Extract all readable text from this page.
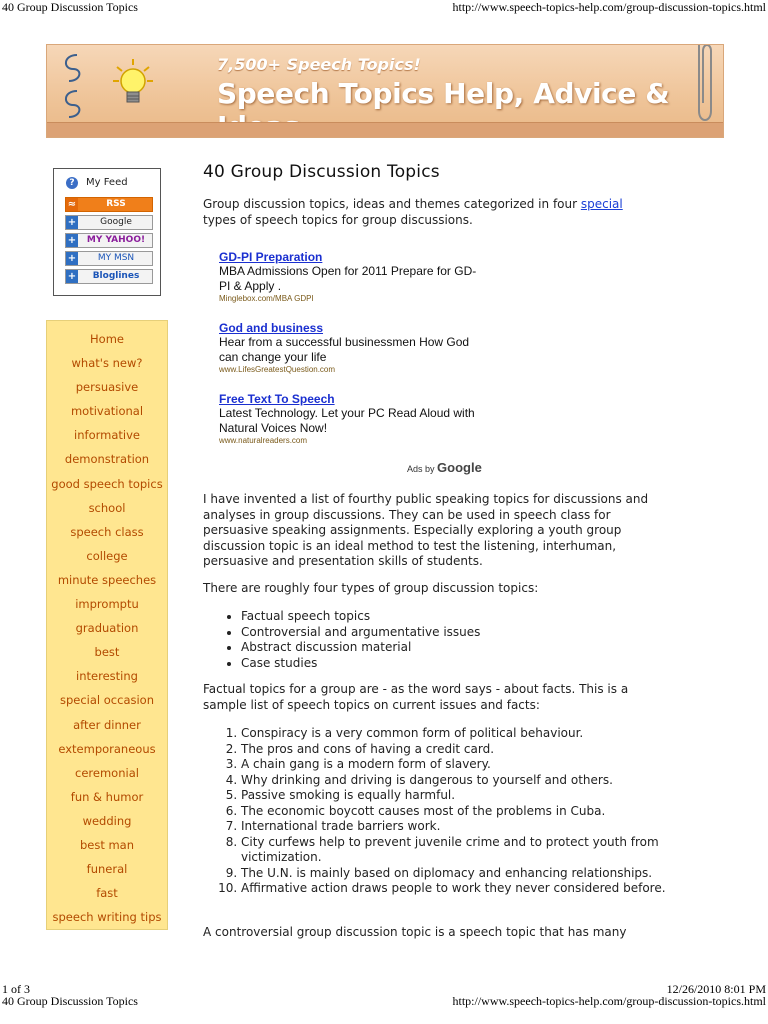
40 Group Discussion Topics	http://www.speech-topics-help.com/group-discussion-topics.html
7,500+ Speech Topics!
Speech Topics Help, Advice &
? My Feed
≈	RSS
+	Google
+	MY YAHOO!
+	MY MSN
+	Bloglines
Home
what's new?
persuasive
motivational
informative
demonstration
good speech topics
school
speech class
college
minute speeches
impromptu
graduation
best
interesting
special occasion
after dinner
extemporaneous
ceremonial
fun & humor
wedding
best man
funeral
fast
speech writing tips
40 Group Discussion Topics
Group discussion topics, ideas and themes categorized in four special types of speech topics for group discussions.
GD-PI Preparation
MBA Admissions Open for 2011 Prepare for GD-PI & Apply .
Minglebox.com/MBA GDPI
God and business
Hear from a successful businessmen How God can change your life
www.LifesGreatestQuestion.com
Free Text To Speech
Latest Technology. Let your PC Read Aloud with Natural Voices Now!
www.naturalreaders.com
Ads by Google
I have invented a list of fourthy public speaking topics for discussions and analyses in group discussions. They can be used in speech class for persuasive speaking assignments. Especially exploring a youth group discussion topic is an ideal method to test the listening, interhuman, persuasive and presentation skills of students.
There are roughly four types of group discussion topics:
• Factual speech topics
• Controversial and argumentative issues
• Abstract discussion material
• Case studies
Factual topics for a group are - as the word says - about facts. This is a sample list of speech topics on current issues and facts:
1. Conspiracy is a very common form of political behaviour.
2. The pros and cons of having a credit card.
3. A chain gang is a modern form of slavery.
4. Why drinking and driving is dangerous to yourself and others.
5. Passive smoking is equally harmful.
6. The economic boycott causes most of the problems in Cuba.
7. International trade barriers work.
8. City curfews help to prevent juvenile crime and to protect youth from victimization.
9. The U.N. is mainly based on diplomacy and enhancing relationships.
10. Affirmative action draws people to work they never considered before.
A controversial group discussion topic is a speech topic that has many
1 of 3	12/26/2010 8:01 PM
40 Group Discussion Topics	http://www.speech-topics-help.com/group-discussion-topics.html
